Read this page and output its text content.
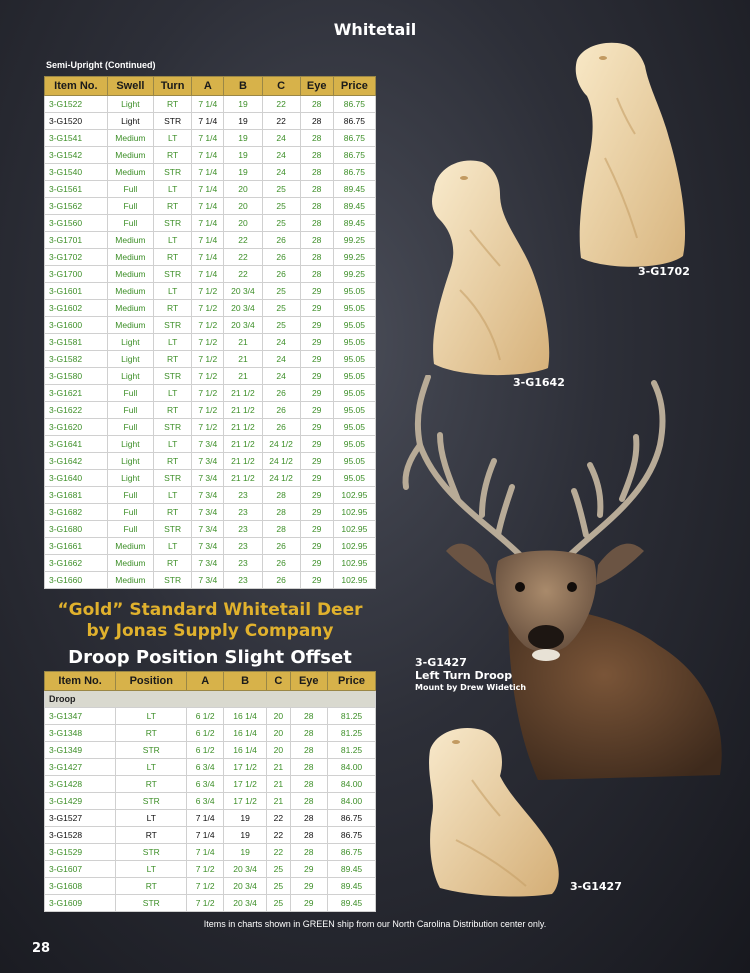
Whitetail
Semi-Upright (Continued)
Item No.	Swell	Turn	A	B	C	Eye	Price
3-G1522	Light	RT	7 1/4	19	22	28	86.75
3-G1520	Light	STR	7 1/4	19	22	28	86.75
3-G1541	Medium	LT	7 1/4	19	24	28	86.75
3-G1542	Medium	RT	7 1/4	19	24	28	86.75
3-G1540	Medium	STR	7 1/4	19	24	28	86.75
3-G1561	Full	LT	7 1/4	20	25	28	89.45
3-G1562	Full	RT	7 1/4	20	25	28	89.45
3-G1560	Full	STR	7 1/4	20	25	28	89.45
3-G1701	Medium	LT	7 1/4	22	26	28	99.25
3-G1702	Medium	RT	7 1/4	22	26	28	99.25
3-G1700	Medium	STR	7 1/4	22	26	28	99.25
3-G1601	Medium	LT	7 1/2	20 3/4	25	29	95.05
3-G1602	Medium	RT	7 1/2	20 3/4	25	29	95.05
3-G1600	Medium	STR	7 1/2	20 3/4	25	29	95.05
3-G1581	Light	LT	7 1/2	21	24	29	95.05
3-G1582	Light	RT	7 1/2	21	24	29	95.05
3-G1580	Light	STR	7 1/2	21	24	29	95.05
3-G1621	Full	LT	7 1/2	21 1/2	26	29	95.05
3-G1622	Full	RT	7 1/2	21 1/2	26	29	95.05
3-G1620	Full	STR	7 1/2	21 1/2	26	29	95.05
3-G1641	Light	LT	7 3/4	21 1/2	24 1/2	29	95.05
3-G1642	Light	RT	7 3/4	21 1/2	24 1/2	29	95.05
3-G1640	Light	STR	7 3/4	21 1/2	24 1/2	29	95.05
3-G1681	Full	LT	7 3/4	23	28	29	102.95
3-G1682	Full	RT	7 3/4	23	28	29	102.95
3-G1680	Full	STR	7 3/4	23	28	29	102.95
3-G1661	Medium	LT	7 3/4	23	26	29	102.95
3-G1662	Medium	RT	7 3/4	23	26	29	102.95
3-G1660	Medium	STR	7 3/4	23	26	29	102.95
“Gold” Standard Whitetail Deer
by Jonas Supply Company
Droop Position Slight Offset
Item No.	Position	A	B	C	Eye	Price
Droop						
3-G1347	LT	6 1/2	16 1/4	20	28	81.25
3-G1348	RT	6 1/2	16 1/4	20	28	81.25
3-G1349	STR	6 1/2	16 1/4	20	28	81.25
3-G1427	LT	6 3/4	17 1/2	21	28	84.00
3-G1428	RT	6 3/4	17 1/2	21	28	84.00
3-G1429	STR	6 3/4	17 1/2	21	28	84.00
3-G1527	LT	7 1/4	19	22	28	86.75
3-G1528	RT	7 1/4	19	22	28	86.75
3-G1529	STR	7 1/4	19	22	28	86.75
3-G1607	LT	7 1/2	20 3/4	25	29	89.45
3-G1608	RT	7 1/2	20 3/4	25	29	89.45
3-G1609	STR	7 1/2	20 3/4	25	29	89.45
3-G1702
3-G1642
3-G1427
Left Turn Droop
Mount by Drew Widetich
3-G1427
Items in charts shown in GREEN ship from our North Carolina Distribution center only.
28
